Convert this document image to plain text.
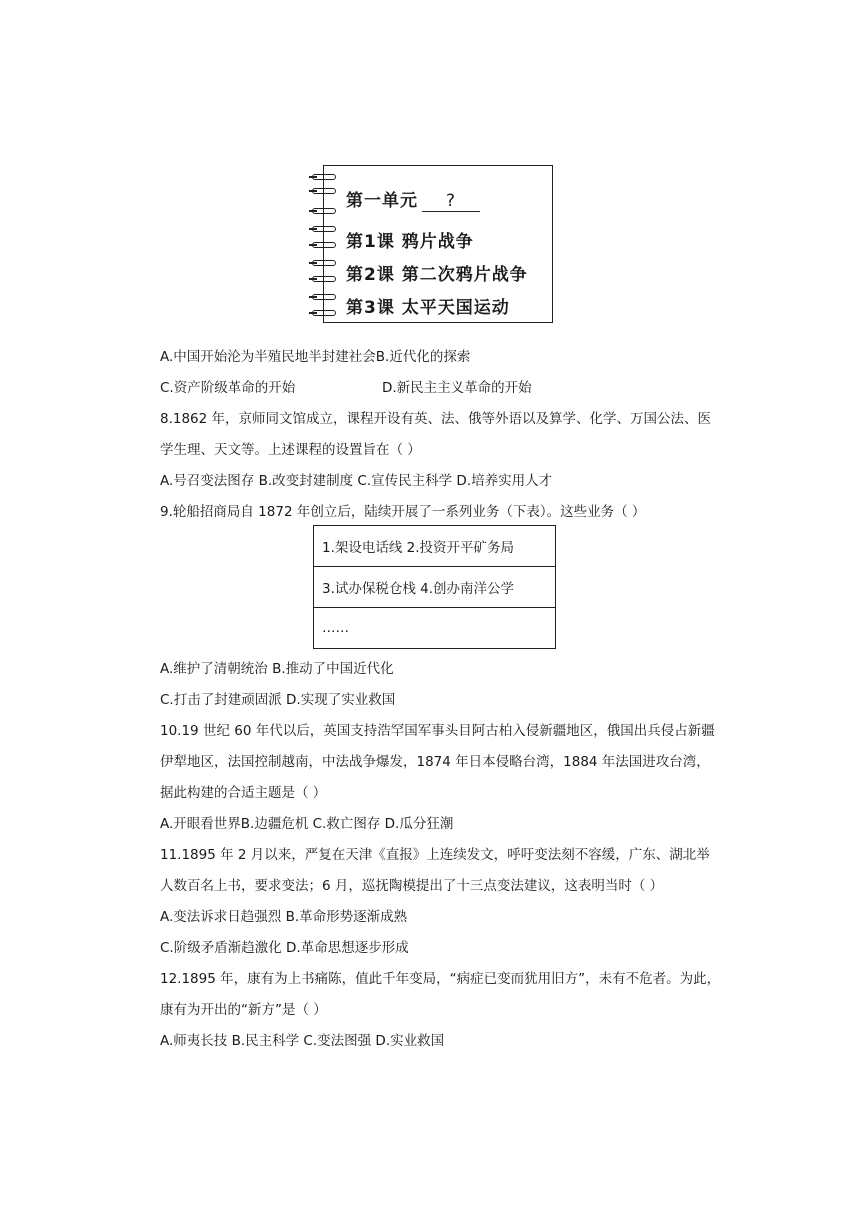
第一单元 ?
第1课 鸦片战争
第2课 第二次鸦片战争
第3课 太平天国运动
A.中国开始沦为半殖民地半封建社会B.近代化的探索
C.资产阶级革命的开始	D.新民主主义革命的开始
8.1862 年，京师同文馆成立，课程开设有英、法、俄等外语以及算学、化学、万国公法、医
学生理、天文等。上述课程的设置旨在（ ）
A.号召变法图存 B.改变封建制度 C.宣传民主科学 D.培养实用人才
9.轮船招商局自 1872 年创立后，陆续开展了一系列业务（下表）。这些业务（ ）
1.架设电话线 2.投资开平矿务局
3.试办保税仓栈 4.创办南洋公学
……
A.维护了清朝统治 B.推动了中国近代化
C.打击了封建顽固派 D.实现了实业救国
10.19 世纪 60 年代以后，英国支持浩罕国军事头目阿古柏入侵新疆地区，俄国出兵侵占新疆
伊犁地区，法国控制越南，中法战争爆发，1874 年日本侵略台湾，1884 年法国进攻台湾，
据此构建的合适主题是（ ）
A.开眼看世界B.边疆危机 C.救亡图存 D.瓜分狂潮
11.1895 年 2 月以来，严复在天津《直报》上连续发文，呼吁变法刻不容缓，广东、湖北举
人数百名上书，要求变法；6 月，巡抚陶模提出了十三点变法建议，这表明当时（ ）
A.变法诉求日趋强烈 B.革命形势逐渐成熟
C.阶级矛盾渐趋激化 D.革命思想逐步形成
12.1895 年，康有为上书痛陈，值此千年变局，“病症已变而犹用旧方”，未有不危者。为此，
康有为开出的“新方”是（ ）
A.师夷长技 B.民主科学 C.变法图强 D.实业救国
